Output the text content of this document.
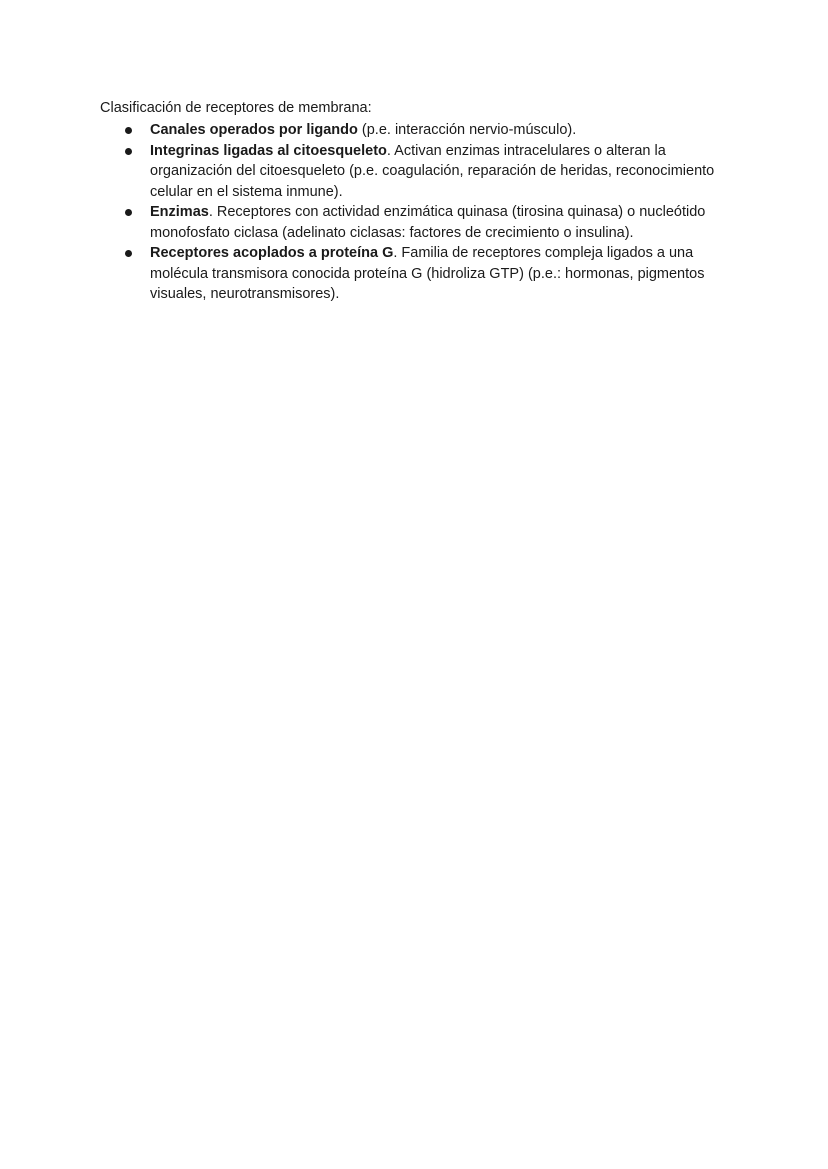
Clasificación de receptores de membrana:

Canales operados por ligando (p.e. interacción nervio-músculo).
Integrinas ligadas al citoesqueleto. Activan enzimas intracelulares o alteran la organización del citoesqueleto (p.e. coagulación, reparación de heridas, reconocimiento celular en el sistema inmune).
Enzimas. Receptores con actividad enzimática quinasa (tirosina quinasa) o nucleótido monofosfato ciclasa (adelinato ciclasas: factores de crecimiento o insulina).
Receptores acoplados a proteína G. Familia de receptores compleja ligados a una molécula transmisora conocida proteína G (hidroliza GTP) (p.e.: hormonas, pigmentos visuales, neurotransmisores).
